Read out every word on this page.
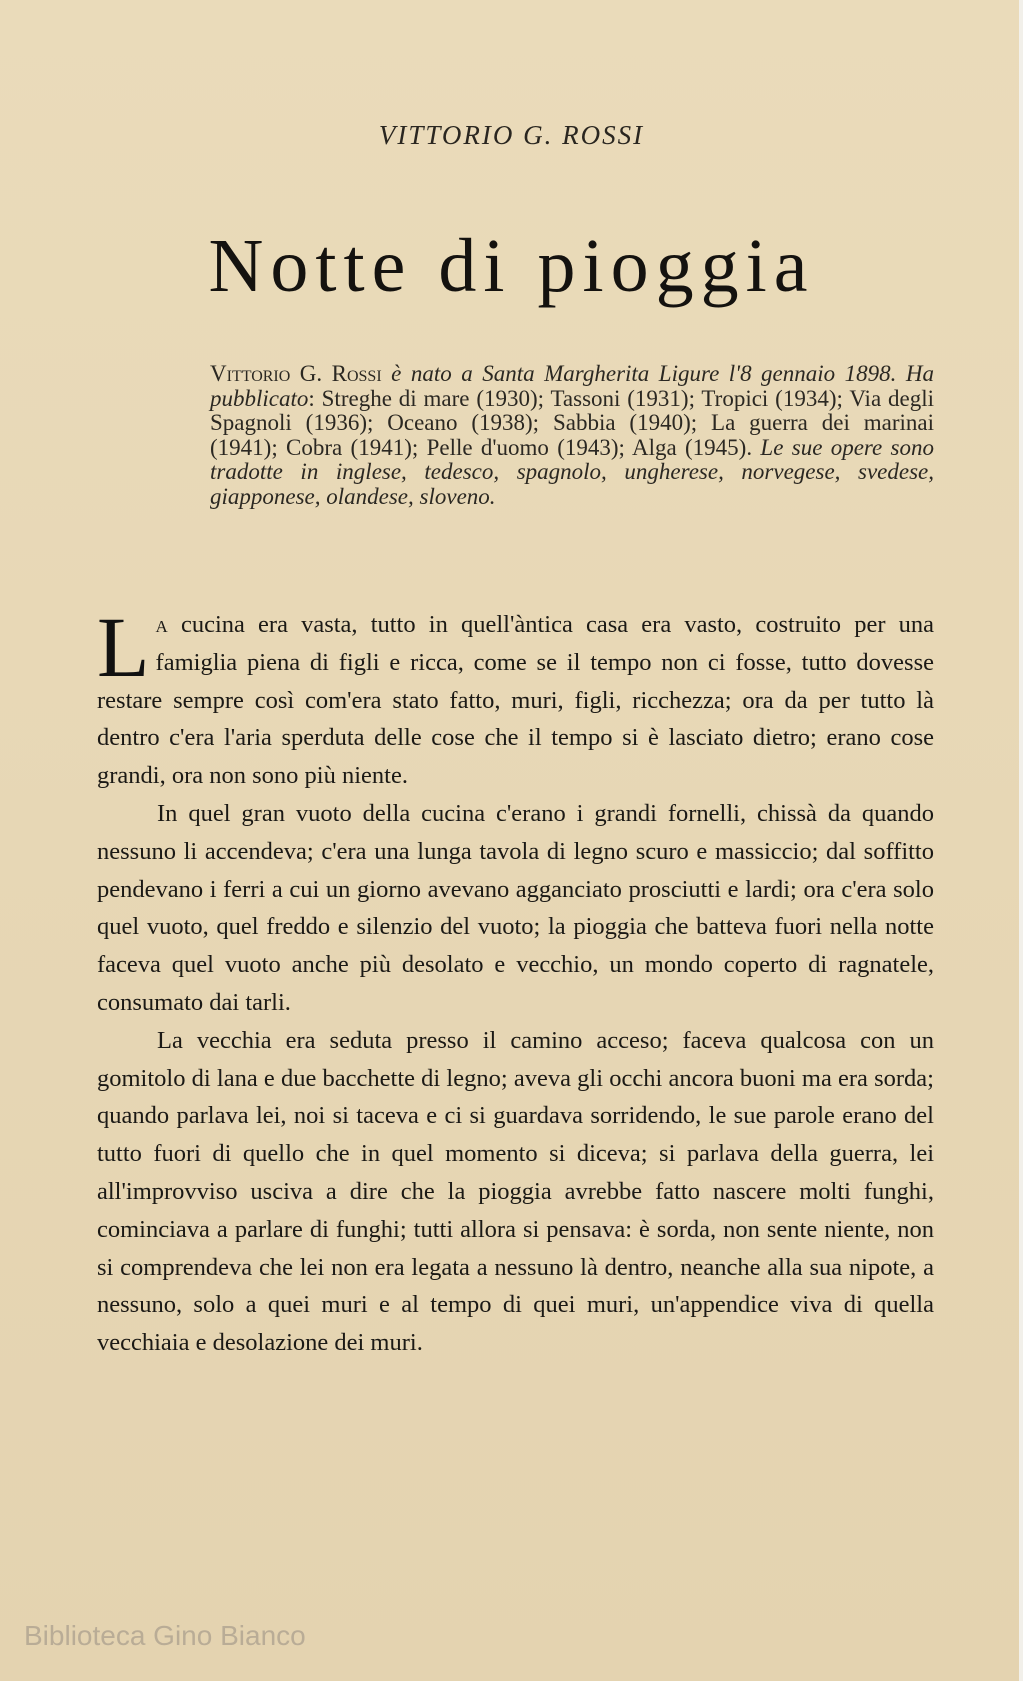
VITTORIO G. ROSSI
Notte di pioggia
Vittorio G. Rossi è nato a Santa Margherita Ligure l'8 gennaio 1898. Ha pubblicato: Streghe di mare (1930); Tassoni (1931); Tropici (1934); Via degli Spagnoli (1936); Oceano (1938); Sabbia (1940); La guerra dei marinai (1941); Cobra (1941); Pelle d'uomo (1943); Alga (1945). Le sue opere sono tradotte in inglese, tedesco, spagnolo, ungherese, norvegese, svedese, giapponese, olandese, sloveno.

La cucina era vasta, tutto in quell'àntica casa era vasto, costruito per una famiglia piena di figli e ricca, come se il tempo non ci fosse, tutto dovesse restare sempre così com'era stato fatto, muri, figli, ricchezza; ora da per tutto là dentro c'era l'aria sperduta delle cose che il tempo si è lasciato dietro; erano cose grandi, ora non sono più niente.

In quel gran vuoto della cucina c'erano i grandi fornelli, chissà da quando nessuno li accendeva; c'era una lunga tavola di legno scuro e massiccio; dal soffitto pendevano i ferri a cui un giorno avevano agganciato prosciutti e lardi; ora c'era solo quel vuoto, quel freddo e silenzio del vuoto; la pioggia che batteva fuori nella notte faceva quel vuoto anche più desolato e vecchio, un mondo coperto di ragnatele, consumato dai tarli.

La vecchia era seduta presso il camino acceso; faceva qualcosa con un gomitolo di lana e due bacchette di legno; aveva gli occhi ancora buoni ma era sorda; quando parlava lei, noi si taceva e ci si guardava sorridendo, le sue parole erano del tutto fuori di quello che in quel momento si diceva; si parlava della guerra, lei all'improvviso usciva a dire che la pioggia avrebbe fatto nascere molti funghi, cominciava a parlare di funghi; tutti allora si pensava: è sorda, non sente niente, non si comprendeva che lei non era legata a nessuno là dentro, neanche alla sua nipote, a nessuno, solo a quei muri e al tempo di quei muri, un'appendice viva di quella vecchiaia e desolazione dei muri.

Biblioteca Gino Bianco
